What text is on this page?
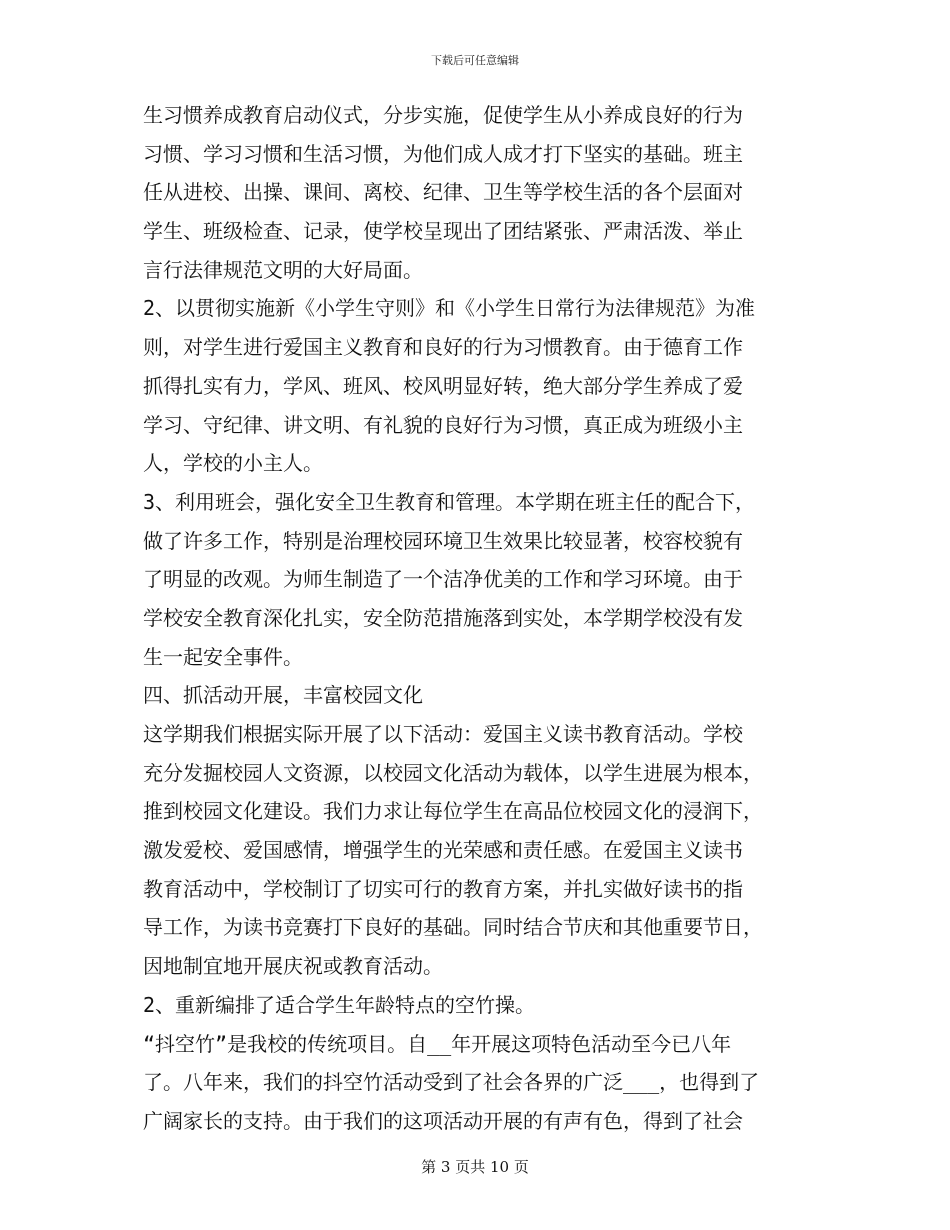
下载后可任意编辑
生习惯养成教育启动仪式，分步实施，促使学生从小养成良好的行为
习惯、学习习惯和生活习惯，为他们成人成才打下坚实的基础。班主
任从进校、出操、课间、离校、纪律、卫生等学校生活的各个层面对
学生、班级检查、记录，使学校呈现出了团结紧张、严肃活泼、举止
言行法律规范文明的大好局面。
2、以贯彻实施新《小学生守则》和《小学生日常行为法律规范》为准
则，对学生进行爱国主义教育和良好的行为习惯教育。由于德育工作
抓得扎实有力，学风、班风、校风明显好转，绝大部分学生养成了爱
学习、守纪律、讲文明、有礼貌的良好行为习惯，真正成为班级小主
人，学校的小主人。
3、利用班会，强化安全卫生教育和管理。本学期在班主任的配合下，
做了许多工作，特别是治理校园环境卫生效果比较显著，校容校貌有
了明显的改观。为师生制造了一个洁净优美的工作和学习环境。由于
学校安全教育深化扎实，安全防范措施落到实处，本学期学校没有发
生一起安全事件。
四、抓活动开展，丰富校园文化
这学期我们根据实际开展了以下活动：爱国主义读书教育活动。学校
充分发掘校园人文资源，以校园文化活动为载体，以学生进展为根本，
推到校园文化建设。我们力求让每位学生在高品位校园文化的浸润下，
激发爱校、爱国感情，增强学生的光荣感和责任感。在爱国主义读书
教育活动中，学校制订了切实可行的教育方案，并扎实做好读书的指
导工作，为读书竞赛打下良好的基础。同时结合节庆和其他重要节日，
因地制宜地开展庆祝或教育活动。
2、重新编排了适合学生年龄特点的空竹操。
“抖空竹”是我校的传统项目。自__年开展这项特色活动至今已八年
了。八年来，我们的抖空竹活动受到了社会各界的广泛___，也得到了
广阔家长的支持。由于我们的这项活动开展的有声有色，得到了社会
第 3 页共 10 页
